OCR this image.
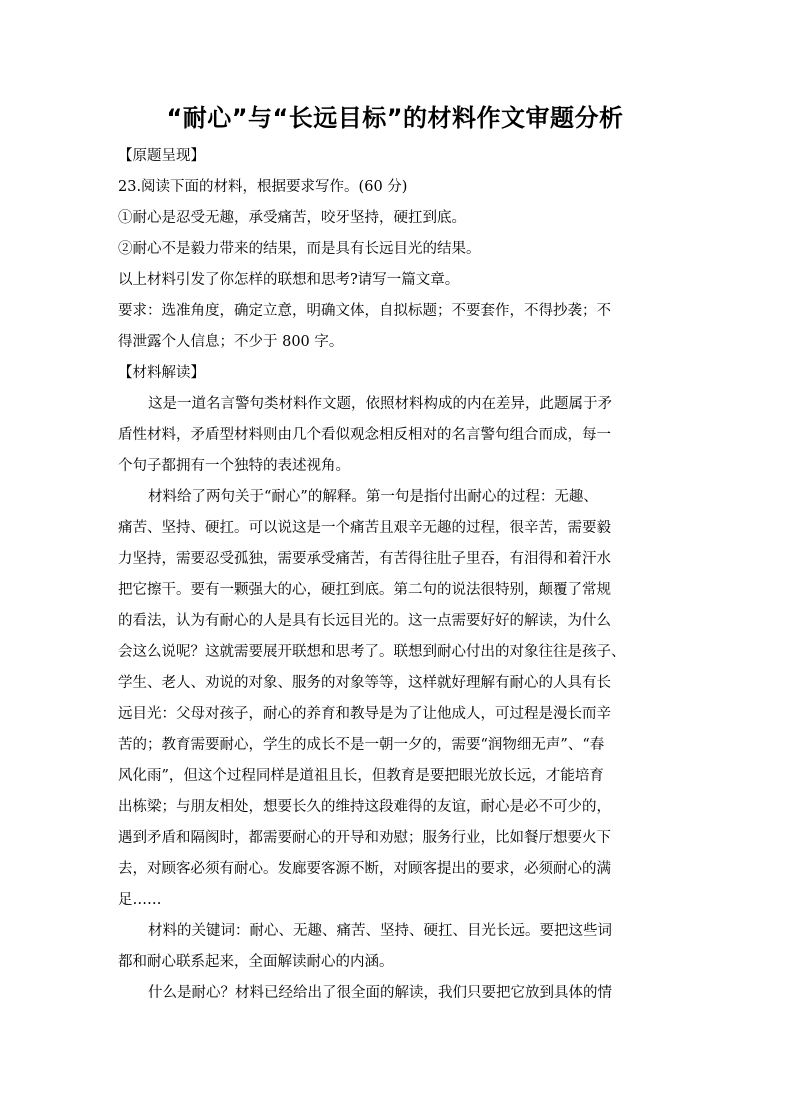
“耐心”与“长远目标”的材料作文审题分析
【原题呈现】
23.阅读下面的材料，根据要求写作。(60 分)
①耐心是忍受无趣，承受痛苦，咬牙坚持，硬扛到底。
②耐心不是毅力带来的结果，而是具有长远目光的结果。
以上材料引发了你怎样的联想和思考?请写一篇文章。
要求：选准角度，确定立意，明确文体，自拟标题；不要套作，不得抄袭；不
得泄露个人信息；不少于 800 字。
【材料解读】
这是一道名言警句类材料作文题，依照材料构成的内在差异，此题属于矛
盾性材料，矛盾型材料则由几个看似观念相反相对的名言警句组合而成，每一
个句子都拥有一个独特的表述视角。
材料给了两句关于“耐心”的解释。第一句是指付出耐心的过程：无趣、
痛苦、坚持、硬扛。可以说这是一个痛苦且艰辛无趣的过程，很辛苦，需要毅
力坚持，需要忍受孤独，需要承受痛苦，有苦得往肚子里吞，有泪得和着汗水
把它擦干。要有一颗强大的心，硬扛到底。第二句的说法很特别，颠覆了常规
的看法，认为有耐心的人是具有长远目光的。这一点需要好好的解读，为什么
会这么说呢？这就需要展开联想和思考了。联想到耐心付出的对象往往是孩子、
学生、老人、劝说的对象、服务的对象等等，这样就好理解有耐心的人具有长
远目光：父母对孩子，耐心的养育和教导是为了让他成人，可过程是漫长而辛
苦的；教育需要耐心，学生的成长不是一朝一夕的，需要“润物细无声”、“春
风化雨”，但这个过程同样是道祖且长，但教育是要把眼光放长远，才能培育
出栋梁；与朋友相处，想要长久的维持这段难得的友谊，耐心是必不可少的，
遇到矛盾和隔阂时，都需要耐心的开导和劝慰；服务行业，比如餐厅想要火下
去，对顾客必须有耐心。发廊要客源不断，对顾客提出的要求，必须耐心的满
足……
材料的关键词：耐心、无趣、痛苦、坚持、硬扛、目光长远。要把这些词
都和耐心联系起来，全面解读耐心的内涵。
什么是耐心？材料已经给出了很全面的解读，我们只要把它放到具体的情
